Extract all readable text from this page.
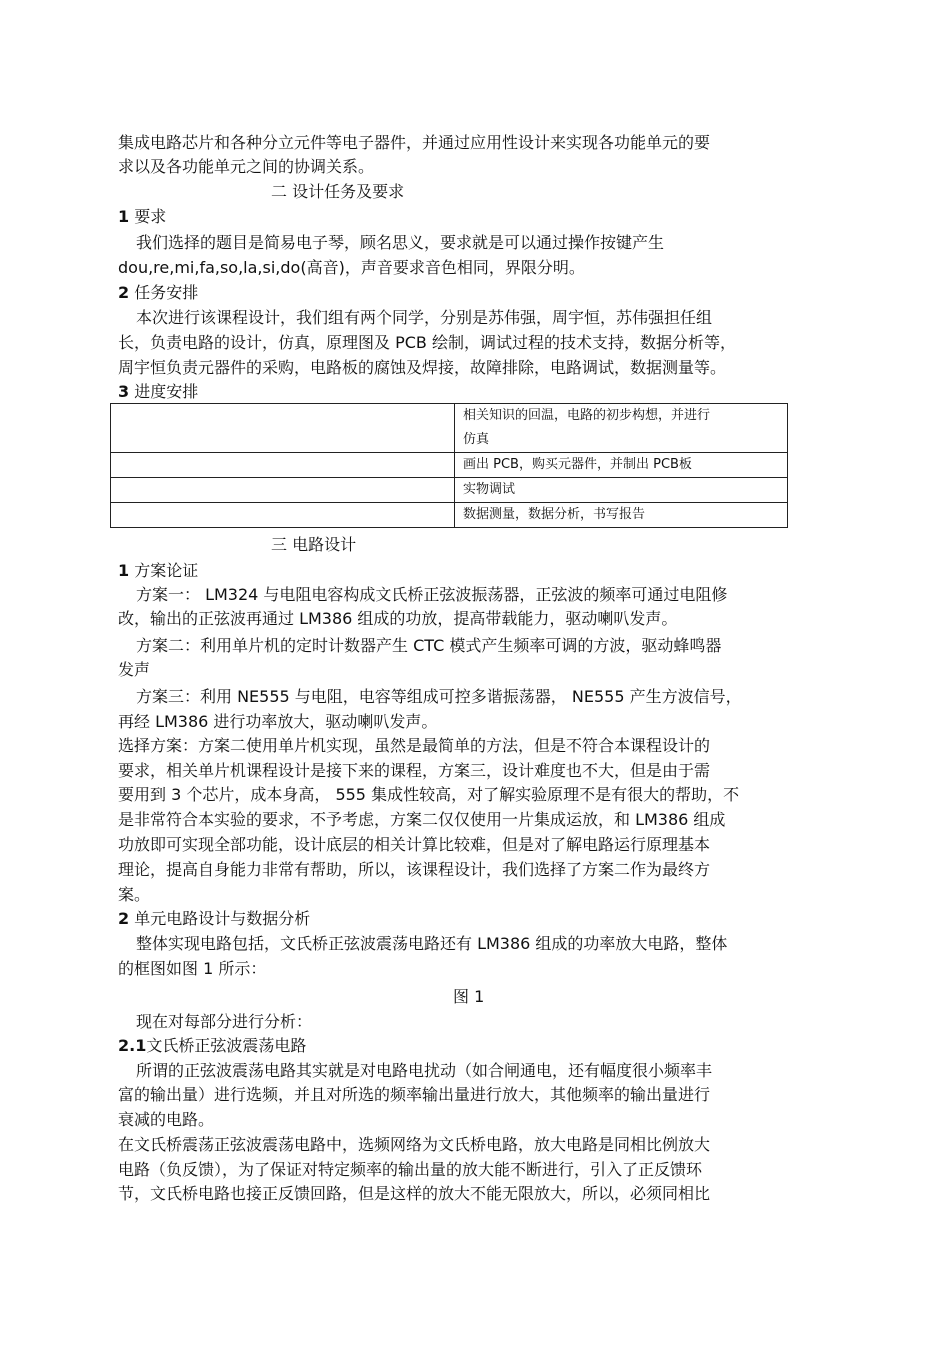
集成电路芯片和各种分立元件等电子器件，并通过应用性设计来实现各功能单元的要
求以及各功能单元之间的协调关系。
二 设计任务及要求
1 要求
我们选择的题目是简易电子琴，顾名思义，要求就是可以通过操作按键产生
dou,re,mi,fa,so,la,si,do(高音)，声音要求音色相同，界限分明。
2 任务安排
本次进行该课程设计，我们组有两个同学，分别是苏伟强，周宇恒，苏伟强担任组
长，负责电路的设计，仿真，原理图及 PCB 绘制，调试过程的技术支持，数据分析等，
周宇恒负责元器件的采购，电路板的腐蚀及焊接，故障排除，电路调试，数据测量等。
3 进度安排

	相关知识的回温，电路的初步构想，并进行
仿真

	画出 PCB，购买元器件，并制出 PCB板
	实物调试
	数据测量，数据分析，书写报告
三 电路设计
1 方案论证
方案一： LM324 与电阻电容构成文氏桥正弦波振荡器，正弦波的频率可通过电阻修
改，输出的正弦波再通过 LM386 组成的功放，提高带载能力，驱动喇叭发声。
方案二：利用单片机的定时计数器产生 CTC 模式产生频率可调的方波，驱动蜂鸣器
发声
方案三：利用 NE555 与电阻，电容等组成可控多谐振荡器， NE555 产生方波信号，
再经 LM386 进行功率放大，驱动喇叭发声。
选择方案：方案二使用单片机实现，虽然是最简单的方法，但是不符合本课程设计的
要求，相关单片机课程设计是接下来的课程，方案三，设计难度也不大，但是由于需
要用到 3 个芯片，成本身高， 555 集成性较高，对了解实验原理不是有很大的帮助，不
是非常符合本实验的要求，不予考虑，方案二仅仅使用一片集成运放，和 LM386 组成
功放即可实现全部功能，设计底层的相关计算比较难，但是对了解电路运行原理基本
理论，提高自身能力非常有帮助，所以，该课程设计，我们选择了方案二作为最终方
案。
2 单元电路设计与数据分析
整体实现电路包括，文氏桥正弦波震荡电路还有 LM386 组成的功率放大电路，整体
的框图如图 1 所示：
图 1
现在对每部分进行分析：
2.1文氏桥正弦波震荡电路
所谓的正弦波震荡电路其实就是对电路电扰动（如合闸通电，还有幅度很小频率丰
富的输出量）进行选频，并且对所选的频率输出量进行放大，其他频率的输出量进行
衰减的电路。
在文氏桥震荡正弦波震荡电路中，选频网络为文氏桥电路，放大电路是同相比例放大
电路（负反馈），为了保证对特定频率的输出量的放大能不断进行，引入了正反馈环
节，文氏桥电路也接正反馈回路，但是这样的放大不能无限放大，所以，必须同相比
